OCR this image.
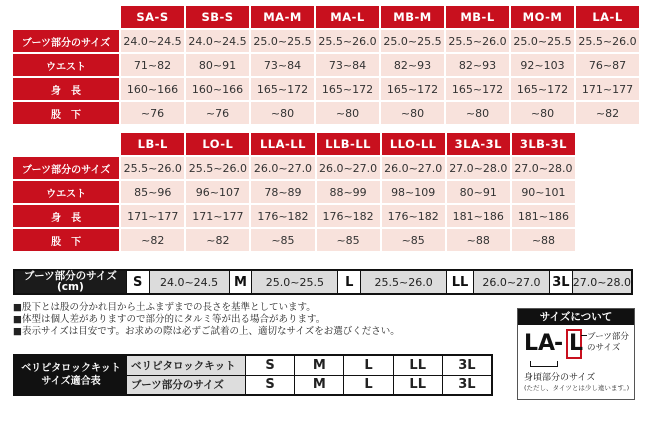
	SA-S	SB-S	MA-M	MA-L	MB-M	MB-L	MO-M	LA-L
ブーツ部分のサイズ	24.0~24.5	24.0~24.5	25.0~25.5	25.5~26.0	25.0~25.5	25.5~26.0	25.0~25.5	25.5~26.0
ウエスト	71~82	80~91	73~84	73~84	82~93	82~93	92~103	76~87
身　長	160~166	160~166	165~172	165~172	165~172	165~172	165~172	171~177
股　下	~76	~76	~80	~80	~80	~80	~80	~82
	LB-L	LO-L	LLA-LL	LLB-LL	LLO-LL	3LA-3L	3LB-3L
ブーツ部分のサイズ	25.5~26.0	25.5~26.0	26.0~27.0	26.0~27.0	26.0~27.0	27.0~28.0	27.0~28.0
ウエスト	85~96	96~107	78~89	88~99	98~109	80~91	90~101
身　長	171~177	171~177	176~182	176~182	176~182	181~186	181~186
股　下	~82	~82	~85	~85	~85	~88	~88
ブーツ部分のサイズ
(cm)	S	24.0~24.5	M	25.0~25.5	L	25.5~26.0	LL	26.0~27.0 3L 27.0~28.0
■股下とは股の分かれ目から土ふまずまでの長さを基準としています。
■体型は個人差がありますので部分的にタルミ等が出る場合があります。
■表示サイズは目安です。お求めの際は必ずご試着の上、適切なサイズをお選びください。
ベリピタロックキット
サイズ適合表
ベリピタロックキット	S	M	L	LL	3L
ブーツ部分のサイズ	S	M	L	LL	3L
サイズについて
LA
- L ブーツ部分
のサイズ
身頃部分のサイズ
(ただし、タイツとは少し違います。)
